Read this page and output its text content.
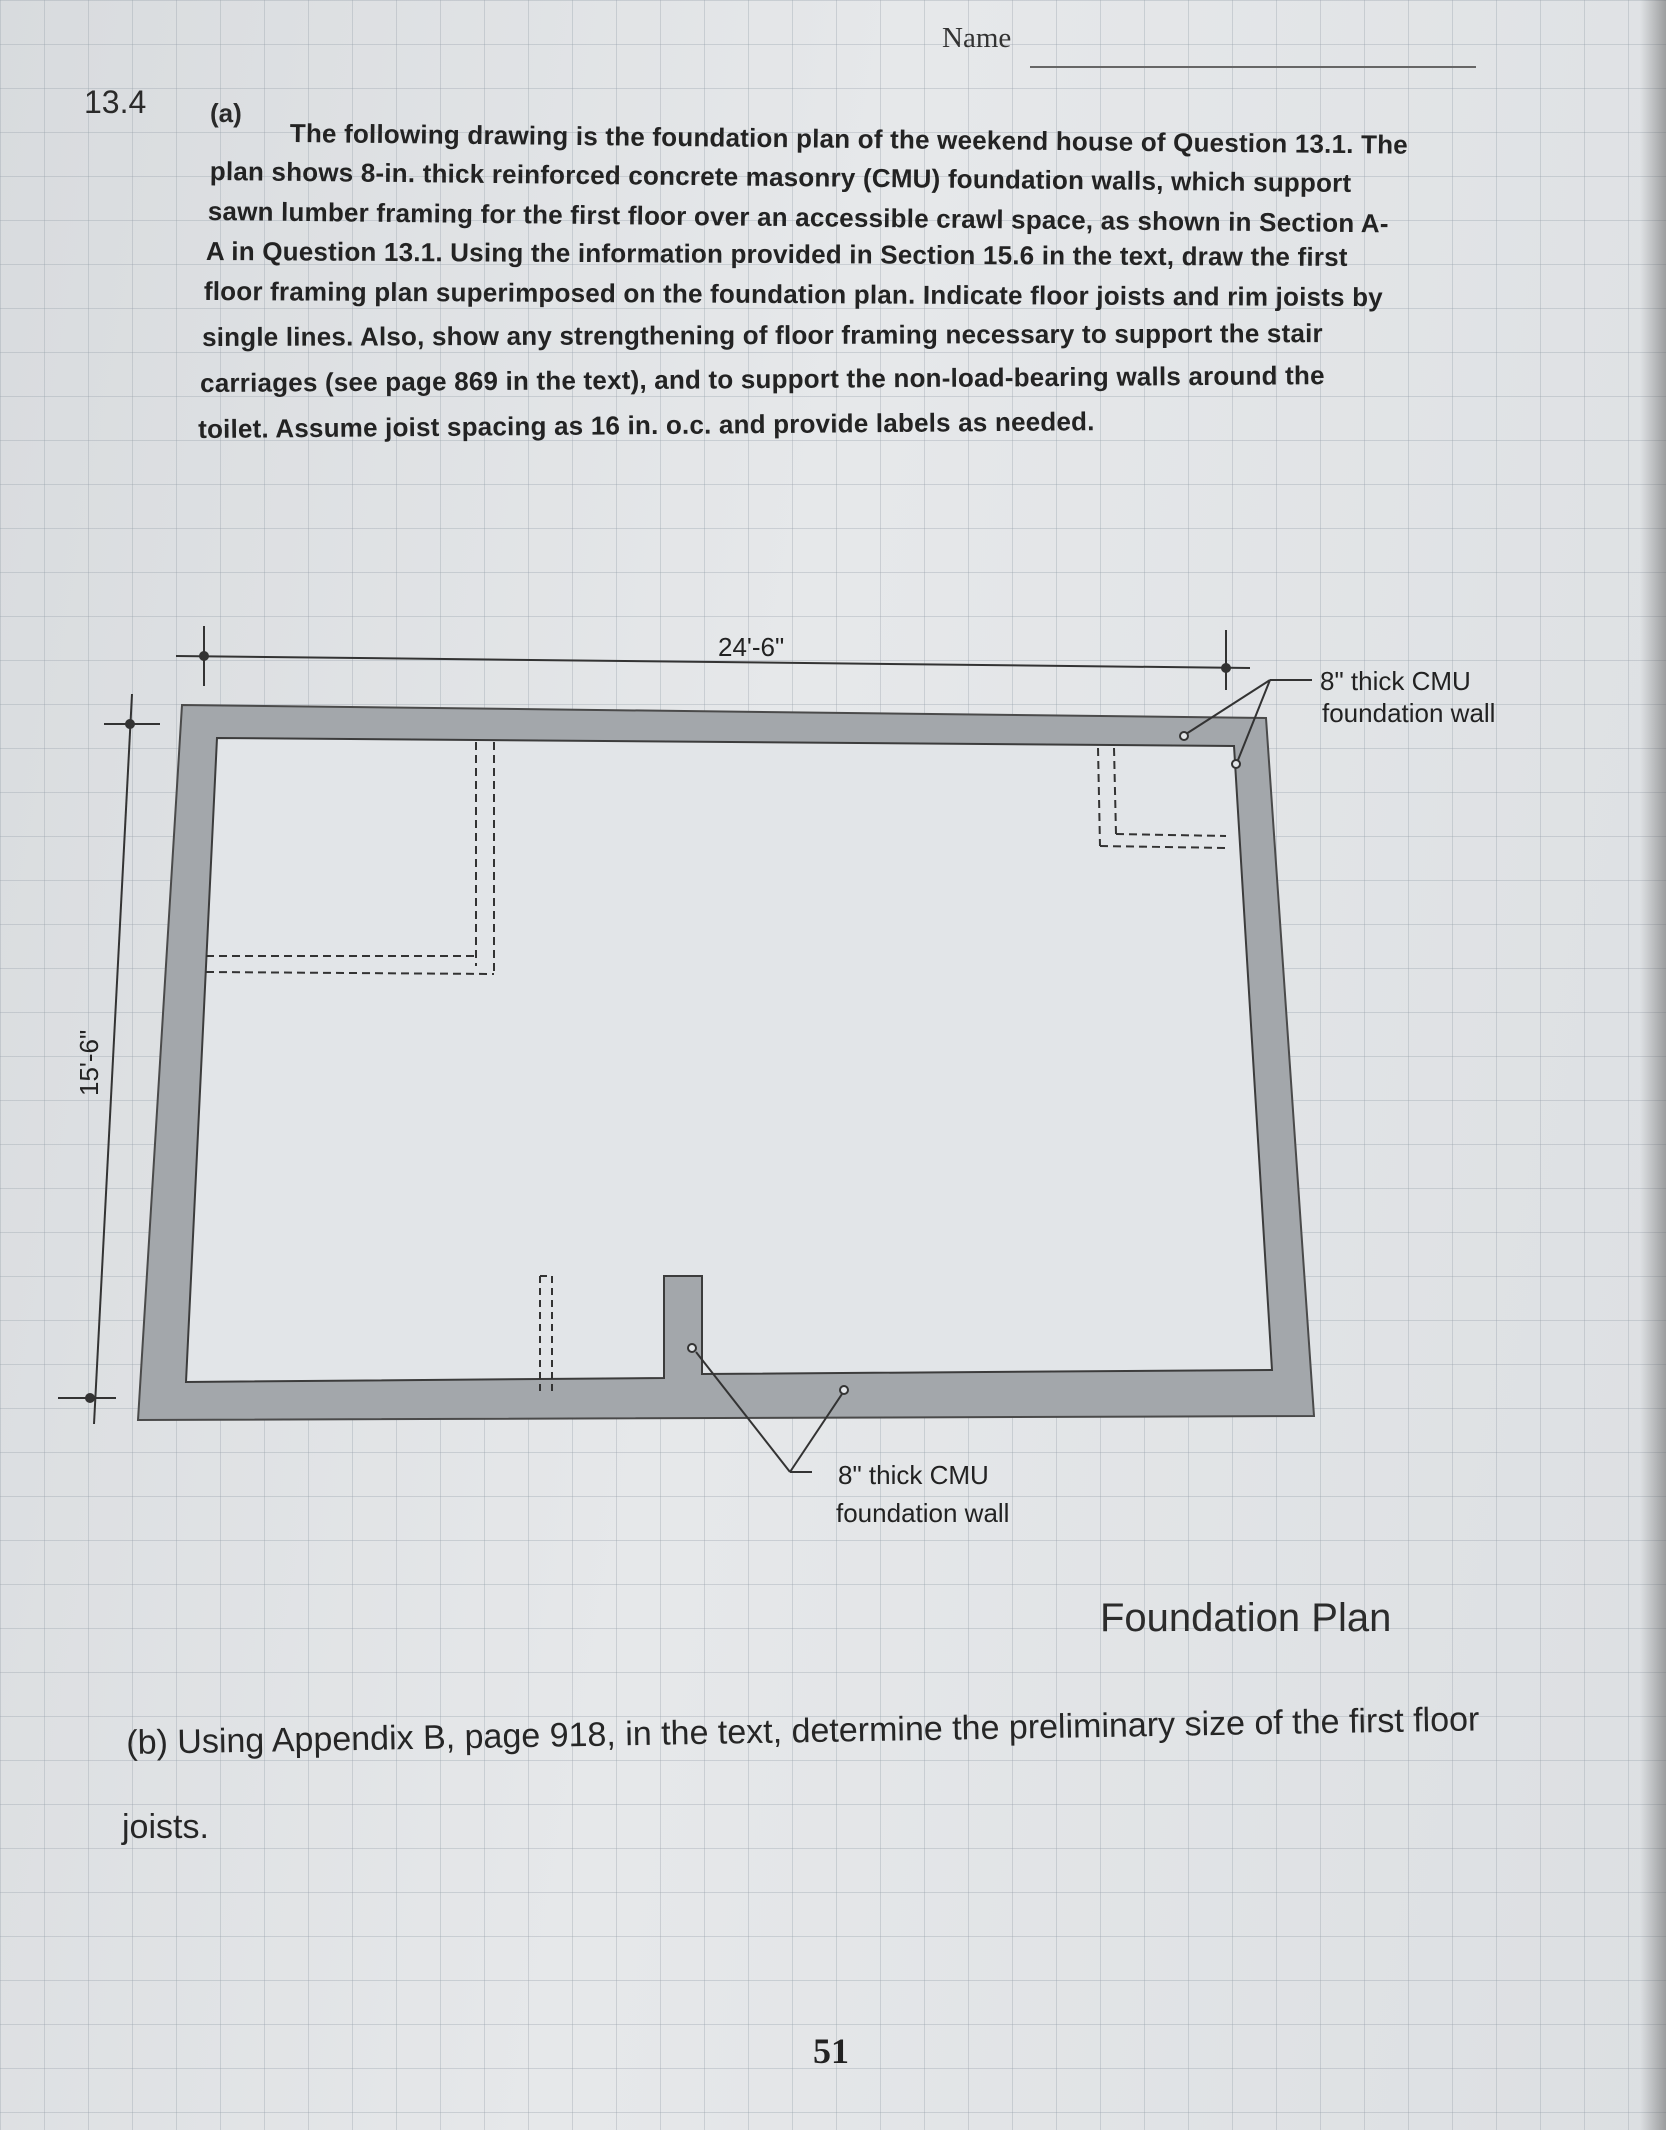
Name
13.4 (a)
The following drawing is the foundation plan of the weekend house of Question 13.1. The
plan shows 8-in. thick reinforced concrete masonry (CMU) foundation walls, which support
sawn lumber framing for the first floor over an accessible crawl space, as shown in Section A-
A in Question 13.1. Using the information provided in Section 15.6 in the text, draw the first
floor framing plan superimposed on the foundation plan. Indicate floor joists and rim joists by
single lines. Also, show any strengthening of floor framing necessary to support the stair
carriages (see page 869 in the text), and to support the non-load-bearing walls around the
toilet. Assume joist spacing as 16 in. o.c. and provide labels as needed.
24'-6"
15'-6"
8" thick CMU
foundation wall
8" thick CMU
foundation wall
Foundation Plan
(b) Using Appendix B, page 918, in the text, determine the preliminary size of the first floor
joists.
51
